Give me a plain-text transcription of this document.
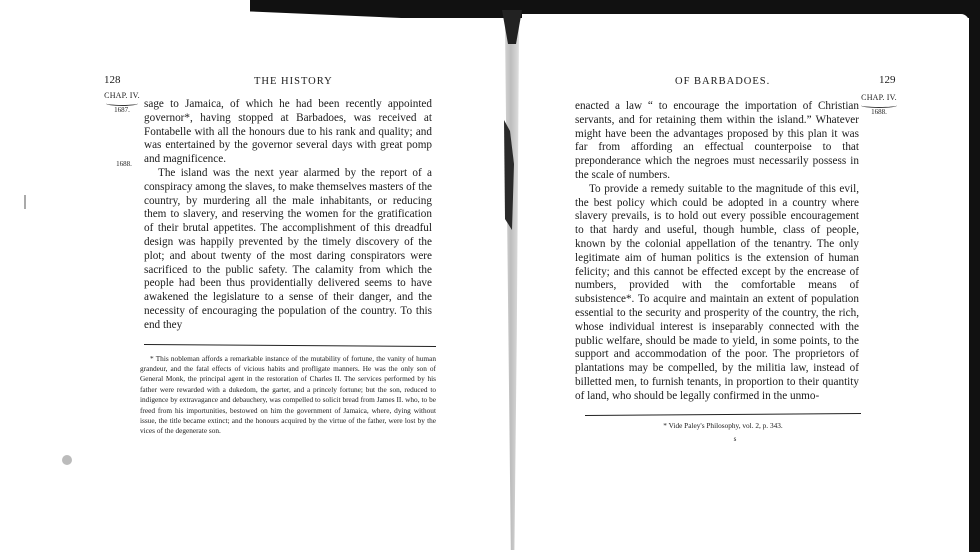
128	THE HISTORY
CHAP. IV.
1687.
1688.

sage to Jamaica, of which he had been recently appointed governor*, having stopped at Barbadoes, was received at Fontabelle with all the honours due to his rank and quality; and was entertained by the governor several days with great pomp and magnificence.

The island was the next year alarmed by the report of a conspiracy among the slaves, to make themselves masters of the country, by murdering all the male inhabitants, or reducing them to slavery, and reserving the women for the gratification of their brutal appetites. The accomplishment of this dreadful design was happily prevented by the timely discovery of the plot; and about twenty of the most daring conspirators were sacrificed to the public safety. The calamity from which the people had been thus providentially delivered seems to have awakened the legislature to a sense of their danger, and the necessity of encouraging the population of the country. To this end they

* This nobleman affords a remarkable instance of the mutability of fortune, the vanity of human grandeur, and the fatal effects of vicious habits and profligate manners. He was the only son of General Monk, the principal agent in the restoration of Charles II. The services performed by his father were rewarded with a dukedom, the garter, and a princely fortune; but the son, reduced to indigence by extravagance and debauchery, was compelled to solicit bread from James II. who, to be freed from his importunities, bestowed on him the government of Jamaica, where, dying without issue, the title became extinct; and the honours acquired by the virtue of the father, were lost by the vices of the degenerate son.

OF BARBADOES.	129
CHAP. IV.
1688.

enacted a law “ to encourage the importation of Christian servants, and for retaining them within the island.” Whatever might have been the advantages proposed by this plan it was far from affording an effectual counterpoise to that preponderance which the negroes must necessarily possess in the scale of numbers.

To provide a remedy suitable to the magnitude of this evil, the best policy which could be adopted in a country where slavery prevails, is to hold out every possible encouragement to that hardy and useful, though humble, class of people, known by the colonial appellation of the tenantry. The only legitimate aim of human politics is the extension of human felicity; and this cannot be effected except by the encrease of numbers, provided with the comfortable means of subsistence*. To acquire and maintain an extent of population essential to the security and prosperity of the country, the rich, whose individual interest is inseparably connected with the public welfare, should be made to yield, in some points, to the support and accommodation of the poor. The proprietors of plantations may be compelled, by the militia law, instead of billetted men, to furnish tenants, in proportion to their quantity of land, who should be legally confirmed in the unmo-

* Vide Paley's Philosophy, vol. 2, p. 343.

s
